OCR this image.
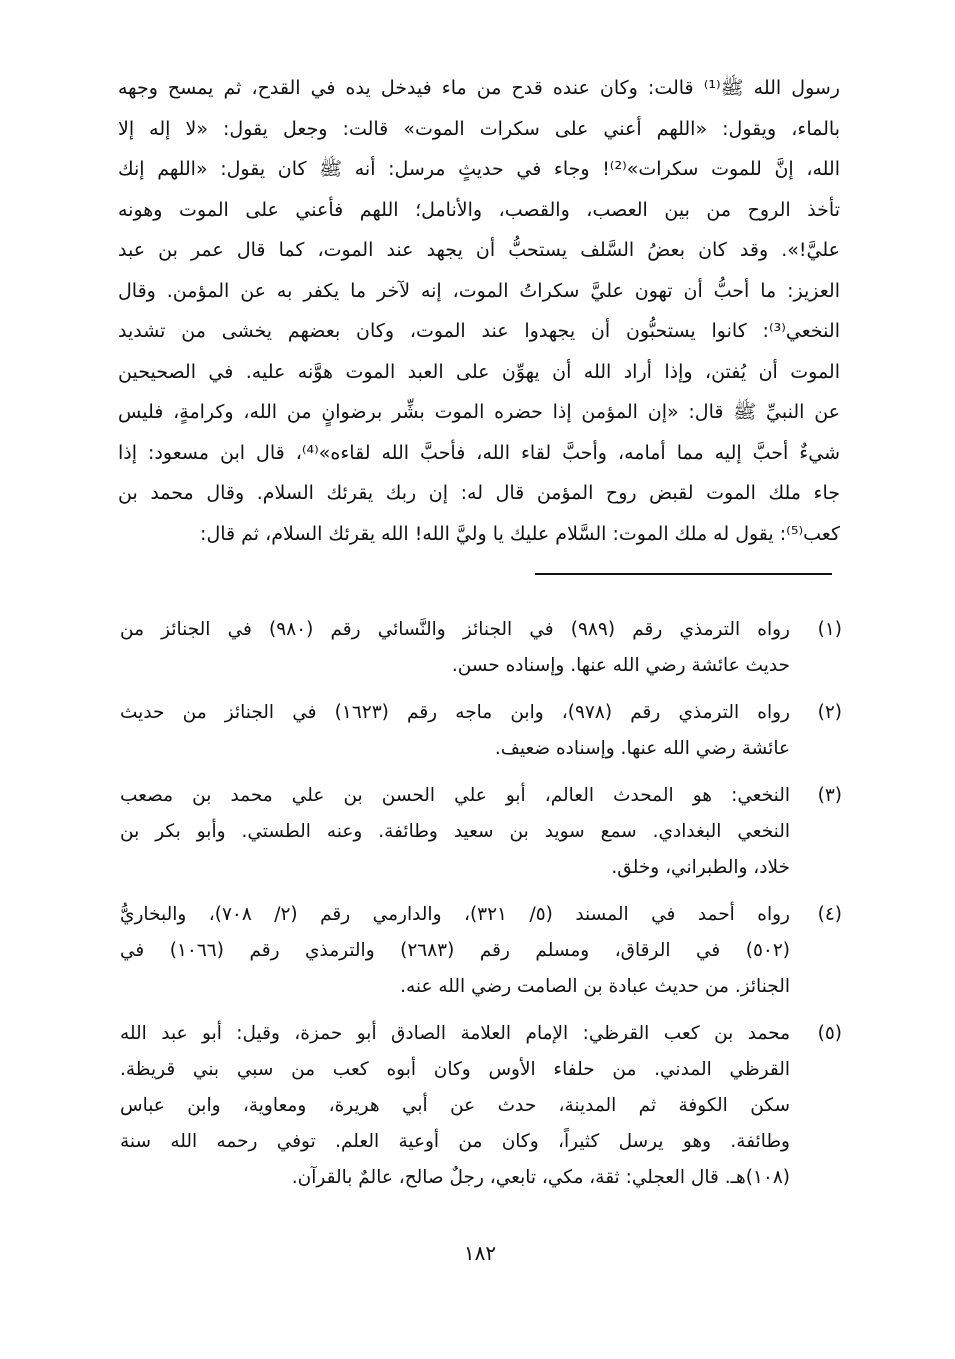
رسول الله ﷺ⁽¹⁾ قالت: وكان عنده قدح من ماء فيدخل يده في القدح، ثم يمسح وجهه
بالماء، ويقول: «اللهم أعني على سكرات الموت» قالت: وجعل يقول: «لا إله إلا
الله، إنَّ للموت سكرات»⁽²⁾! وجاء في حديثٍ مرسل: أنه ﷺ كان يقول: «اللهم إنك
تأخذ الروح من بين العصب، والقصب، والأنامل؛ اللهم فأعني على الموت وهونه
عليَّ!». وقد كان بعضُ السَّلف يستحبُّ أن يجهد عند الموت، كما قال عمر بن عبد
العزيز: ما أحبُّ أن تهون عليَّ سكراتُ الموت، إنه لآخر ما يكفر به عن المؤمن. وقال
النخعي⁽³⁾: كانوا يستحبُّون أن يجهدوا عند الموت، وكان بعضهم يخشى من تشديد
الموت أن يُفتن، وإذا أراد الله أن يهوِّن على العبد الموت هوَّنه عليه. في الصحيحين
عن النبيِّ ﷺ قال: «إن المؤمن إذا حضره الموت بشِّر برضوانٍ من الله، وكرامةٍ، فليس
شيءٌ أحبَّ إليه مما أمامه، وأحبَّ لقاء الله، فأحبَّ الله لقاءه»⁽⁴⁾، قال ابن مسعود: إذا
جاء ملك الموت لقبض روح المؤمن قال له: إن ربك يقرئك السلام. وقال محمد بن
كعب⁽⁵⁾: يقول له ملك الموت: السَّلام عليك يا وليَّ الله! الله يقرئك السلام، ثم قال:
(١)
رواه الترمذي رقم (٩٨٩) في الجنائز والنَّسائي رقم (٩٨٠) في الجنائز من
حديث عائشة رضي الله عنها. وإسناده حسن.
(٢)
رواه الترمذي رقم (٩٧٨)، وابن ماجه رقم (١٦٢٣) في الجنائز من حديث
عائشة رضي الله عنها. وإسناده ضعيف.
(٣)
النخعي: هو المحدث العالم، أبو علي الحسن بن علي محمد بن مصعب
النخعي البغدادي. سمع سويد بن سعيد وطائفة. وعنه الطستي. وأبو بكر بن
خلاد، والطبراني، وخلق.
(٤)
رواه أحمد في المسند (٥/ ٣٢١)، والدارمي رقم (٢/ ٧٠٨)، والبخاريُّ
(٥٠٢) في الرقاق، ومسلم رقم (٢٦٨٣) والترمذي رقم (١٠٦٦) في
الجنائز. من حديث عبادة بن الصامت رضي الله عنه.
(٥)
محمد بن كعب القرظي: الإمام العلامة الصادق أبو حمزة، وقيل: أبو عبد الله
القرظي المدني. من حلفاء الأوس وكان أبوه كعب من سبي بني قريظة.
سكن الكوفة ثم المدينة، حدث عن أبي هريرة، ومعاوية، وابن عباس
وطائفة. وهو يرسل كثيراً، وكان من أوعية العلم. توفي رحمه الله سنة
(١٠٨)هـ. قال العجلي: ثقة، مكي، تابعي، رجلٌ صالح، عالمٌ بالقرآن.
١٨٢
